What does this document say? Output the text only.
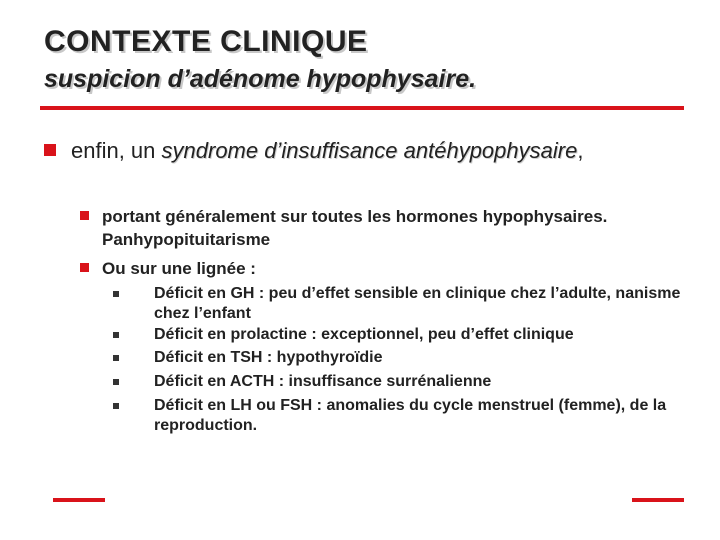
CONTEXTE CLINIQUE
suspicion d’adénome hypophysaire.
enfin, un syndrome d’insuffisance antéhypophysaire,
portant généralement sur toutes les hormones hypophysaires. Panhypopituitarisme
Ou sur une lignée :
Déficit en GH : peu d’effet sensible en clinique chez l’adulte, nanisme chez l’enfant
Déficit en prolactine : exceptionnel, peu d’effet clinique
Déficit en TSH : hypothyroïdie
Déficit en ACTH : insuffisance surrénalienne
Déficit en LH ou FSH : anomalies du cycle menstruel (femme), de la reproduction.
